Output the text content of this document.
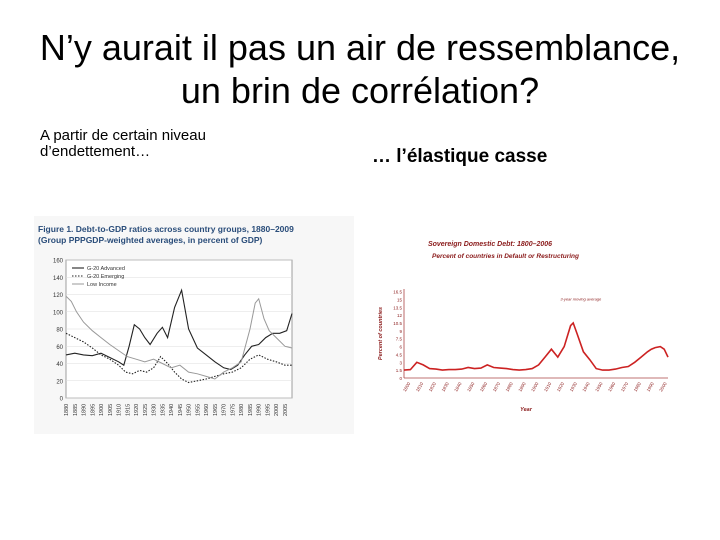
N’y aurait il pas un air de ressemblance, un brin de corrélation?
A partir de certain niveau d’endettement…	… l’élastique casse
Figure 1. Debt-to-GDP ratios across country groups, 1880–2009
(Group PPPGDP-weighted averages, in percent of GDP)
0
20
40
60
80
100
120
140
160
1880 1885 1890 1895 1900 1905 1910 1915 1920 1925 1930 1935 1940 1945 1950 1955 1960 1965 1970 1975 1980 1985 1990 1995 2000 2005
G-20 Advanced
G-20 Emerging
Low Income
Sovereign Domestic Debt: 1800–2006
Percent of countries in Default or Restructuring
0
1.5
3
4.5
6
7.5
9
10.5
12
13.5
15
16.5
1800 1810 1820 1830 1840 1850 1860 1870 1880 1890 1900 1910 1920 1930 1940 1950 1960 1970 1980 1990 2000
Percent of countries
Year
3-year moving average
